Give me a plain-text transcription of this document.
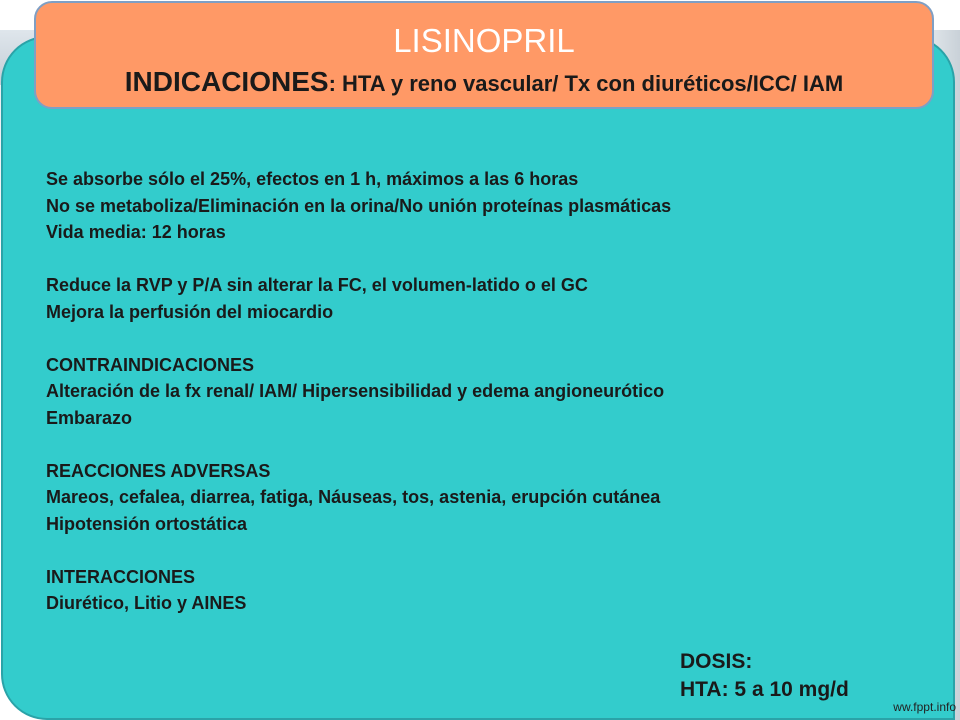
LISINOPRIL
INDICACIONES: HTA y reno vascular/ Tx con diuréticos/ICC/ IAM
Se absorbe sólo el 25%, efectos en 1 h, máximos a las 6 horas
No se metaboliza/Eliminación en la orina/No unión proteínas plasmáticas
Vida media: 12 horas
Reduce la RVP y P/A sin alterar la FC, el volumen-latido o el GC
Mejora la perfusión del miocardio
CONTRAINDICACIONES
Alteración de la fx renal/ IAM/ Hipersensibilidad y edema angioneurótico
Embarazo
REACCIONES ADVERSAS
Mareos, cefalea, diarrea, fatiga, Náuseas, tos, astenia, erupción cutánea
Hipotensión ortostática
INTERACCIONES
Diurético, Litio y AINES
DOSIS:
HTA: 5 a 10 mg/d
ww.fppt.info
